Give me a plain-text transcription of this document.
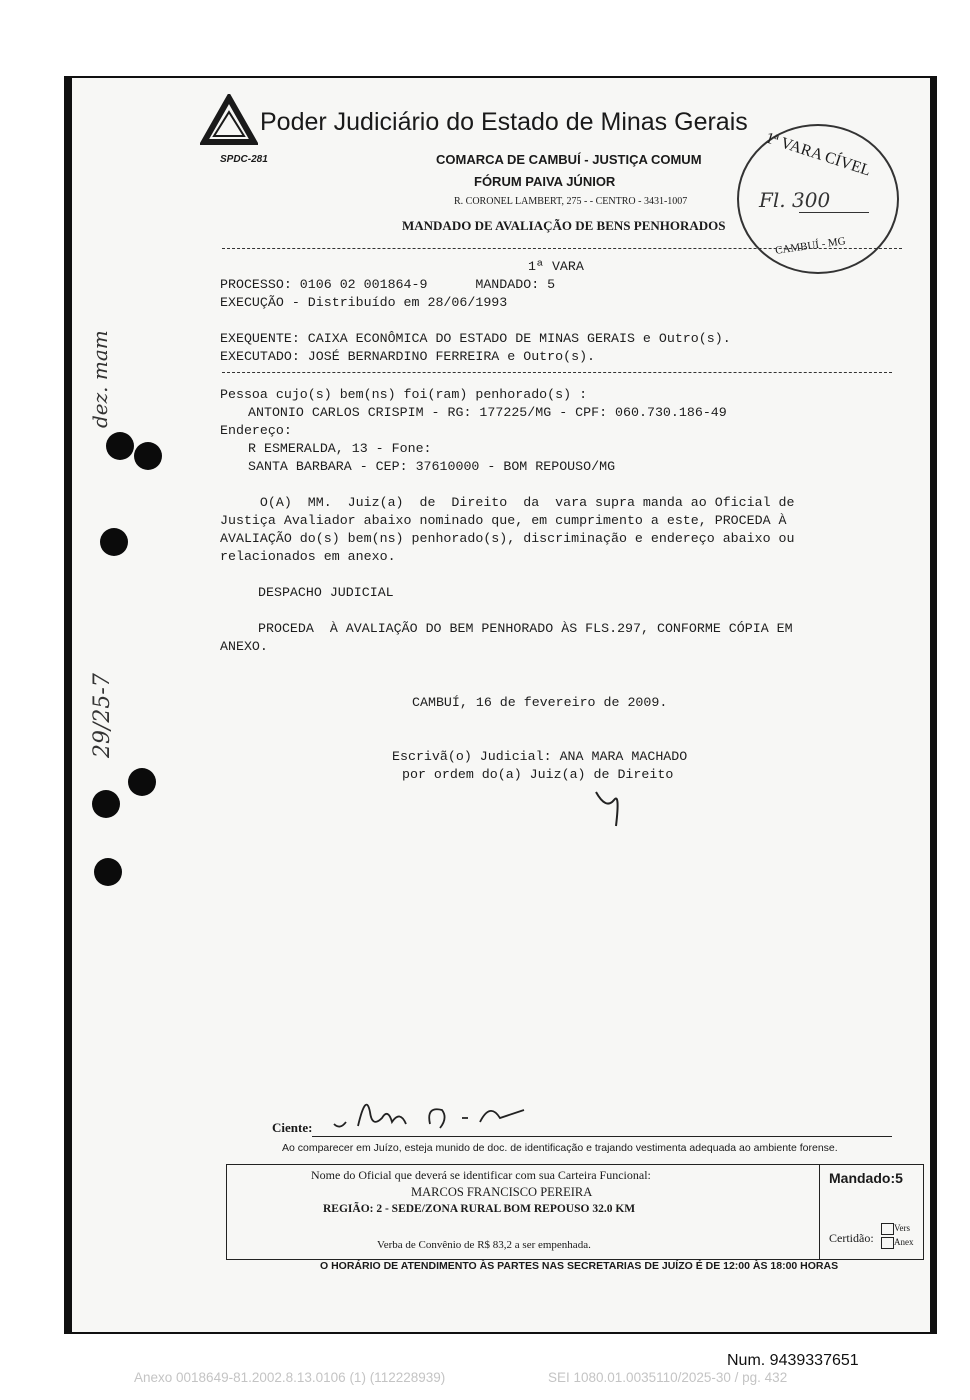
Poder Judiciário do Estado de Minas Gerais
SPDC-281	COMARCA DE CAMBUÍ - JUSTIÇA COMUM
FÓRUM PAIVA JÚNIOR
R. CORONEL LAMBERT, 275 - - CENTRO - 3431-1007
MANDADO DE AVALIAÇÃO DE BENS PENHORADOS
1ª VARA CÍVEL
Fl. 300
CAMBUÍ - MG
1ª VARA
PROCESSO: 0106 02 001864-9      MANDADO: 5
EXECUÇÃO - Distribuído em 28/06/1993
EXEQUENTE: CAIXA ECONÔMICA DO ESTADO DE MINAS GERAIS e Outro(s).
EXECUTADO: JOSÉ BERNARDINO FERREIRA e Outro(s).
Pessoa cujo(s) bem(ns) foi(ram) penhorado(s) :
ANTONIO CARLOS CRISPIM - RG: 177225/MG - CPF: 060.730.186-49
Endereço:
R ESMERALDA, 13 - Fone:
SANTA BARBARA - CEP: 37610000 - BOM REPOUSO/MG
O(A)  MM.  Juiz(a)  de  Direito  da  vara supra manda ao Oficial de
Justiça Avaliador abaixo nominado que, em cumprimento a este, PROCEDA À
AVALIAÇÃO do(s) bem(ns) penhorado(s), discriminação e endereço abaixo ou
relacionados em anexo.
DESPACHO JUDICIAL
PROCEDA  À AVALIAÇÃO DO BEM PENHORADO ÀS FLS.297, CONFORME CÓPIA EM
ANEXO.
CAMBUÍ, 16 de fevereiro de 2009.
Escrivã(o) Judicial: ANA MARA MACHADO
por ordem do(a) Juiz(a) de Direito
dez. mam
29/25-7
Ciente:
Ao comparecer em Juízo, esteja munido de doc. de identificação e trajando vestimenta adequada ao ambiente forense.
Nome do Oficial que deverá se identificar com sua Carteira Funcional:
MARCOS FRANCISCO PEREIRA
REGIÃO: 2 - SEDE/ZONA RURAL BOM REPOUSO 32.0 KM
Verba de Convênio de R$ 83,2 a ser empenhada.
Mandado:5
Certidão:
Vers
Anex
O HORÁRIO DE ATENDIMENTO ÀS PARTES NAS SECRETARIAS DE JUÍZO É DE 12:00 ÀS 18:00 HORAS
Num. 9439337651
Anexo 0018649-81.2002.8.13.0106 (1) (112228939)	SEI 1080.01.0035110/2025-30 / pg. 432
